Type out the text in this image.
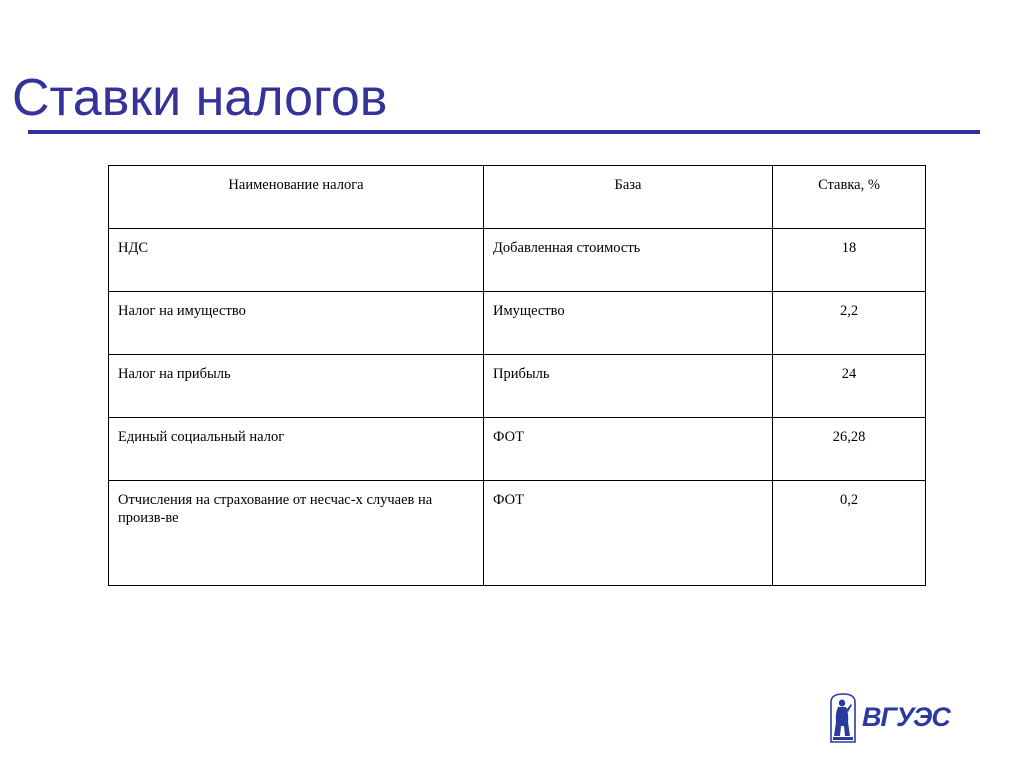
Ставки налогов
Наименование налога	База	Ставка, %
НДС	Добавленная стоимость	18
Налог на имущество	Имущество	2,2
Налог на прибыль	Прибыль	24
Единый социальный налог	ФОТ	26,28
Отчисления на страхование от несчас-х случаев на произв-ве	ФОТ	0,2
ВГУЭС
